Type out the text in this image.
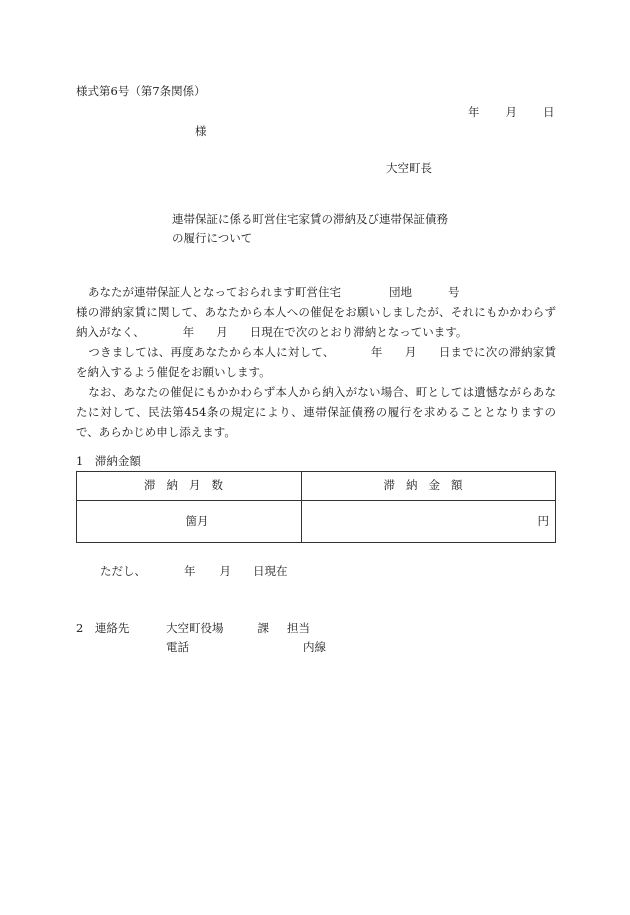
様式第6号（第7条関係）
年 月 日
様
大空町長
連帯保証に係る町営住宅家賃の滞納及び連帯保証債務
の履行について
あなたが連帯保証人となっておられます町営住宅	団地	号
様の滞納家賃に関して、あなたから本人への催促をお願いしましたが、それにもかかわらず納入がなく、	年 月 日現在で次のとおり滞納となっています。
つきましては、再度あなたから本人に対して、	年 月 日までに次の滞納家賃を納入するよう催促をお願いします。
なお、あなたの催促にもかかわらず本人から納入がない場合、町としては遺憾ながらあなたに対して、民法第454条の規定により、連帯保証債務の履行を求めることとなりますので、あらかじめ申し添えます。
1　滞納金額
滞納月数	滞納金額
箇月	円
ただし、	年 月 日現在
2　連絡先	大空町役場	課 担当
電話	内線
